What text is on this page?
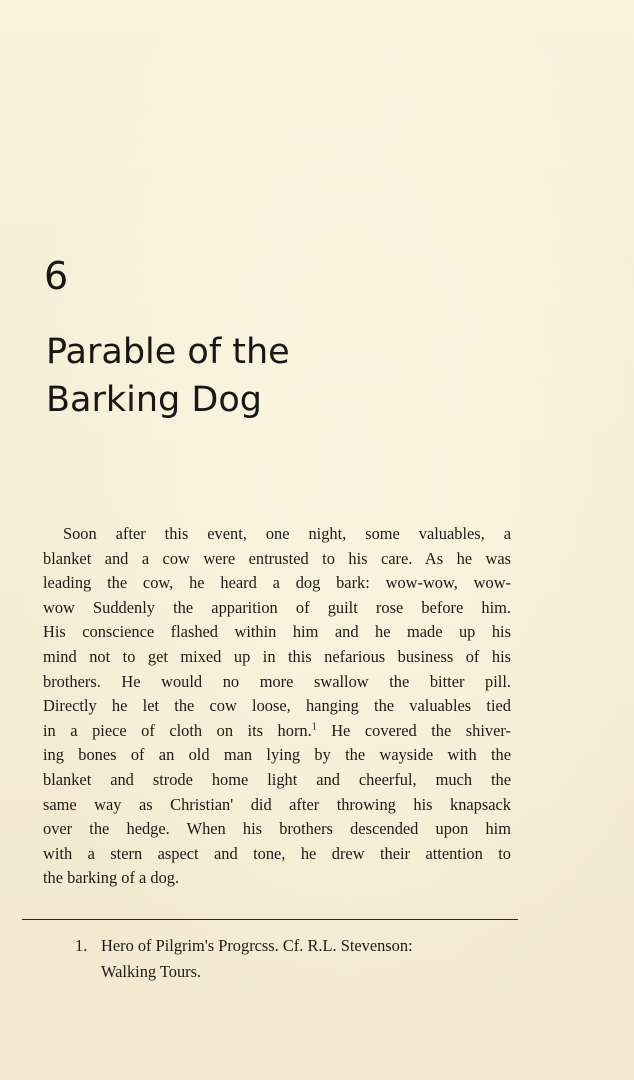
6
Parable of the
Barking Dog
Soon after this event, one night, some valuables, a
blanket and a cow were entrusted to his care. As he was
leading the cow, he heard a dog bark: wow-wow, wow-
wow Suddenly the apparition of guilt rose before him.
His conscience flashed within him and he made up his
mind not to get mixed up in this nefarious business of his
brothers. He would no more swallow the bitter pill.
Directly he let the cow loose, hanging the valuables tied
in a piece of cloth on its horn.$^1$ He covered the shiver-
ing bones of an old man lying by the wayside with the
blanket and strode home light and cheerful, much the
same way as Christian' did after throwing his knapsack
over the hedge. When his brothers descended upon him
with a stern aspect and tone, he drew their attention to
the barking of a dog.
1. Hero of Pilgrim's Progrcss. Cf. R.L. Stevenson:
Walking Tours.
